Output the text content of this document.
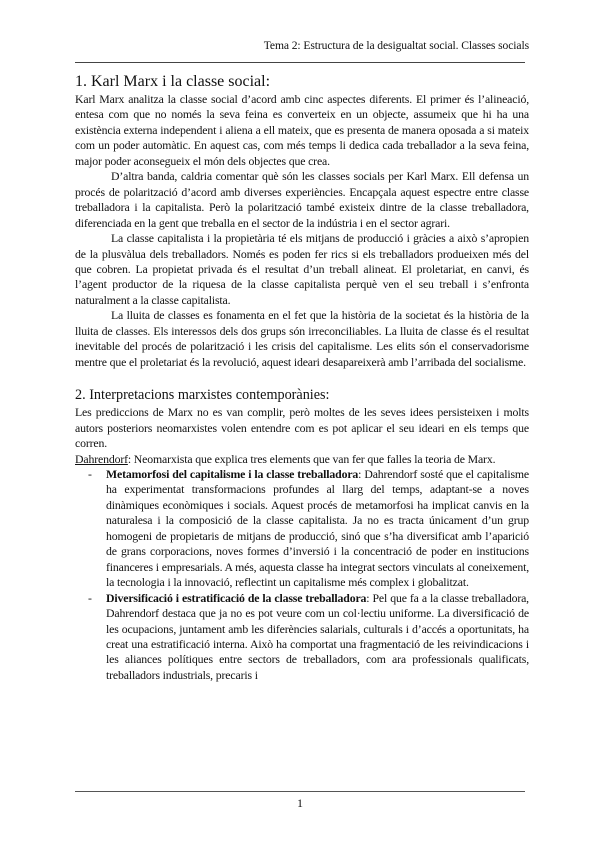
Tema 2: Estructura de la desigualtat social. Classes socials
1. Karl Marx i la classe social:

Karl Marx analitza la classe social d’acord amb cinc aspectes diferents. El primer és l’alineació, entesa com que no només la seva feina es converteix en un objecte, assumeix que hi ha una existència externa independent i aliena a ell mateix, que es presenta de manera oposada a si mateix com un poder automàtic. En aquest cas, com més temps li dedica cada treballador a la seva feina, major poder aconsegueix el món dels objectes que crea.

D’altra banda, caldria comentar què són les classes socials per Karl Marx. Ell defensa un procés de polarització d’acord amb diverses experiències. Encapçala aquest espectre entre classe treballadora i la capitalista. Però la polarització també existeix dintre de la classe treballadora, diferenciada en la gent que treballa en el sector de la indústria i en el sector agrari.

La classe capitalista i la propietària té els mitjans de producció i gràcies a això s’apropien de la plusvàlua dels treballadors. Només es poden fer rics si els treballadors produeixen més del que cobren. La propietat privada és el resultat d’un treball alineat. El proletariat, en canvi, és l’agent productor de la riquesa de la classe capitalista perquè ven el seu treball i s’enfronta naturalment a la classe capitalista.

La lluita de classes es fonamenta en el fet que la història de la societat és la història de la lluita de classes. Els interessos dels dos grups són irreconciliables. La lluita de classe és el resultat inevitable del procés de polarització i les crisis del capitalisme. Les elits són el conservadorisme mentre que el proletariat és la revolució, aquest ideari desapareixerà amb l’arribada del socialisme.

2. Interpretacions marxistes contemporànies:

Les prediccions de Marx no es van complir, però moltes de les seves idees persisteixen i molts autors posteriors neomarxistes volen entendre com es pot aplicar el seu ideari en els temps que corren.

Dahrendorf: Neomarxista que explica tres elements que van fer que falles la teoria de Marx.

- Metamorfosi del capitalisme i la classe treballadora: Dahrendorf sosté que el capitalisme ha experimentat transformacions profundes al llarg del temps, adaptant-se a noves dinàmiques econòmiques i socials. Aquest procés de metamorfosi ha implicat canvis en la naturalesa i la composició de la classe capitalista. Ja no es tracta únicament d’un grup homogeni de propietaris de mitjans de producció, sinó que s’ha diversificat amb l’aparició de grans corporacions, noves formes d’inversió i la concentració de poder en institucions financeres i empresarials. A més, aquesta classe ha integrat sectors vinculats al coneixement, la tecnologia i la innovació, reflectint un capitalisme més complex i globalitzat.
- Diversificació i estratificació de la classe treballadora: Pel que fa a la classe treballadora, Dahrendorf destaca que ja no es pot veure com un col·lectiu uniforme. La diversificació de les ocupacions, juntament amb les diferències salarials, culturals i d’accés a oportunitats, ha creat una estratificació interna. Això ha comportat una fragmentació de les reivindicacions i les aliances polítiques entre sectors de treballadors, com ara professionals qualificats, treballadors industrials, precaris i
1
